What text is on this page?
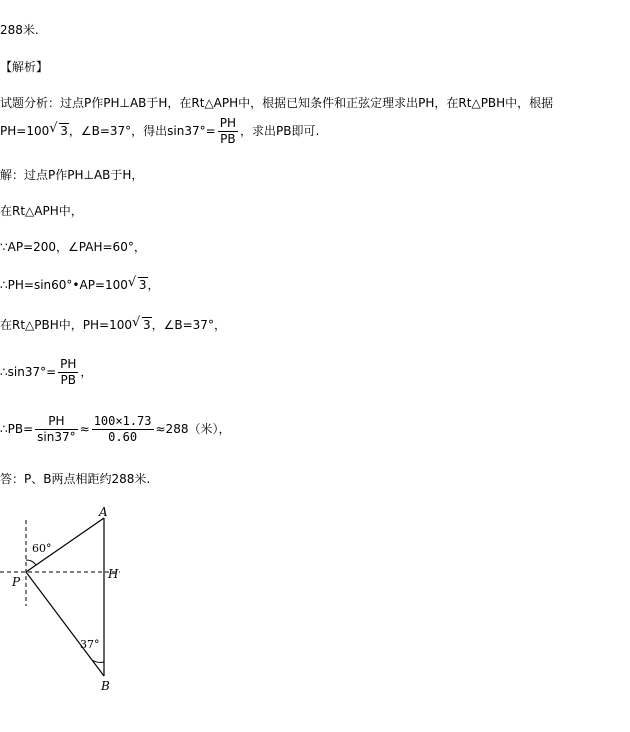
288米.
【解析】
试题分析：过点P作PH⊥AB于H，在Rt△APH中，根据已知条件和正弦定理求出PH，在Rt△PBH中，根据
PH=100 √ 3，∠B=37°，得出$\sin 37^\circ= \frac{PH}{PB}$ ，求出PB即可.
解：过点P作PH⊥AB于H，
在Rt△APH中，
∵AP=200，∠PAH=60°，
∴PH=sin60°•AP=100 √ 3，
在Rt△PBH中，PH=100 √ 3，∠B=37°，
∴sin37°= $\frac{PH}{PB}$ ，
∴PB= $\frac{PH}{\sin 37^\circ} \approx \frac{100\times 1.73}{0.60} \approx 288$（米），
答：P、B两点相距约288米.
A
H
P
B
60°
37°
